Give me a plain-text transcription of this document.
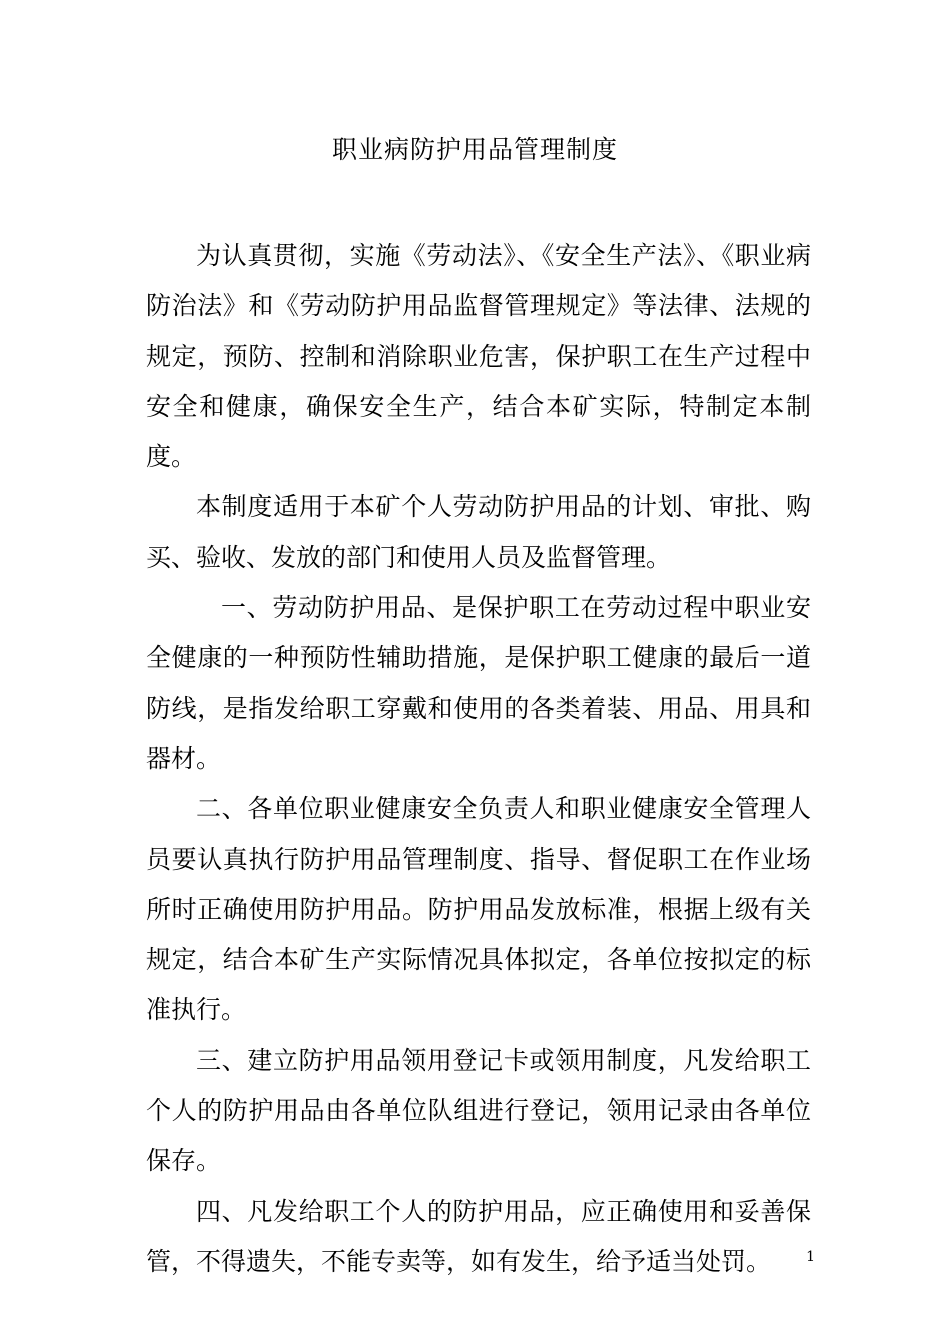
职业病防护用品管理制度

为认真贯彻，实施《劳动法》、《安全生产法》、《职业病防治法》和《劳动防护用品监督管理规定》等法律、法规的规定，预防、控制和消除职业危害，保护职工在生产过程中安全和健康，确保安全生产，结合本矿实际，特制定本制度。

本制度适用于本矿个人劳动防护用品的计划、审批、购买、验收、发放的部门和使用人员及监督管理。

一、劳动防护用品、是保护职工在劳动过程中职业安全健康的一种预防性辅助措施，是保护职工健康的最后一道防线，是指发给职工穿戴和使用的各类着装、用品、用具和器材。

二、各单位职业健康安全负责人和职业健康安全管理人员要认真执行防护用品管理制度、指导、督促职工在作业场所时正确使用防护用品。防护用品发放标准，根据上级有关规定，结合本矿生产实际情况具体拟定，各单位按拟定的标准执行。

三、建立防护用品领用登记卡或领用制度，凡发给职工个人的防护用品由各单位队组进行登记，领用记录由各单位保存。

四、凡发给职工个人的防护用品，应正确使用和妥善保管，不得遗失，不能专卖等，如有发生，给予适当处罚。	1
